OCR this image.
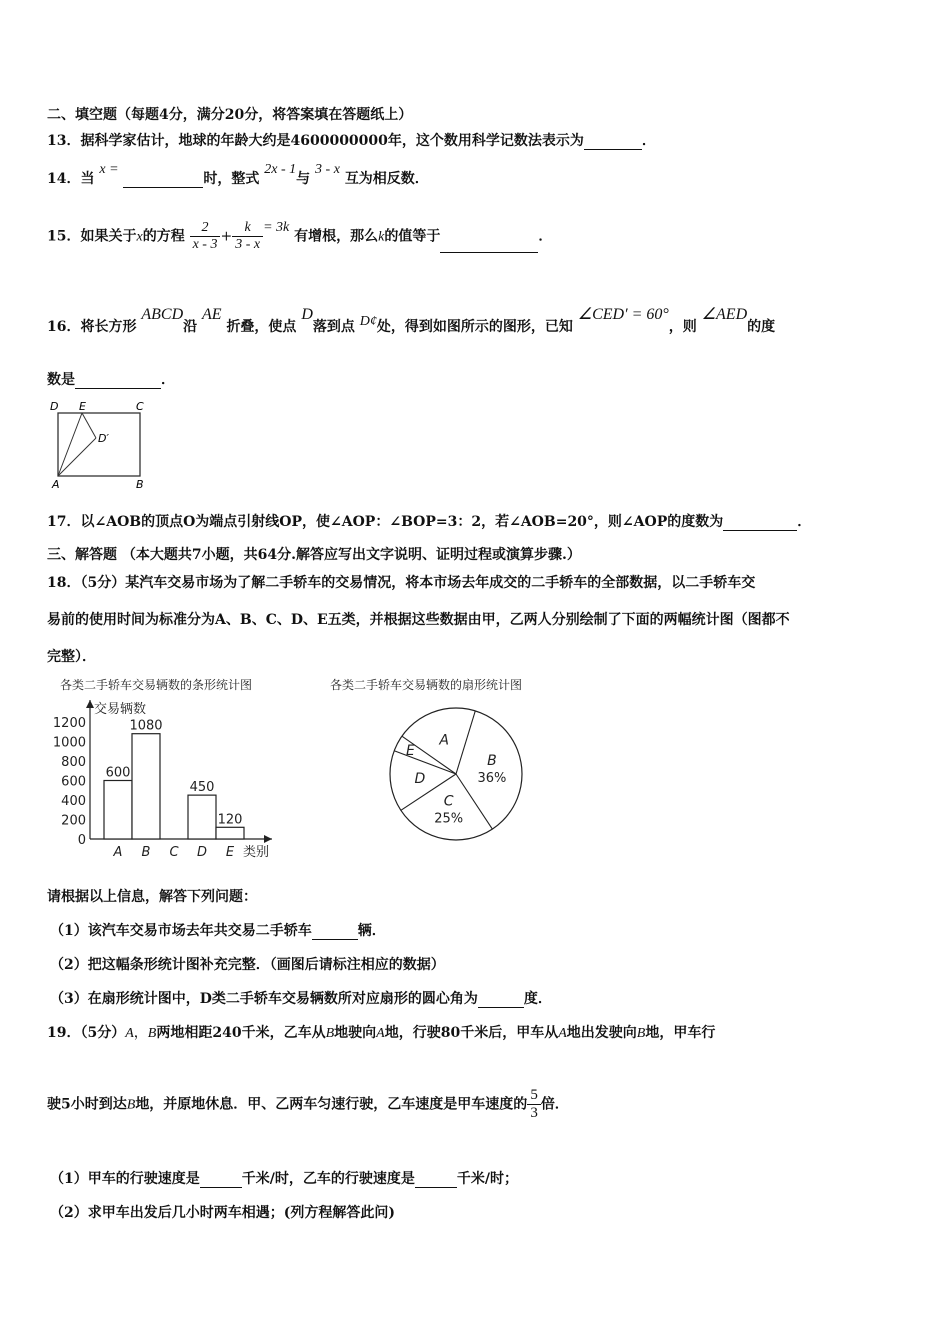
二、填空题（每题4分，满分20分，将答案填在答题纸上）
13．据科学家估计，地球的年龄大约是4600000000年，这个数用科学记数法表示为	．
14．当 x = 时，整式 2x - 1与 3 - x 互为相反数．
15．如果关于x的方程 $\frac{2}{x - 3} + \frac{k}{3 - x} = 3k$ 有增根，那么k的值等于	．
16．将长方形 ABCD沿 AE 折叠，使点 D落到点 D¢处，得到如图所示的图形，已知 ∠CED′ = 60°，则 ∠AED的度
数是	．
D E	C
D′
A	B
17．以∠AOB的顶点O为端点引射线OP，使∠AOP：∠BOP=3：2，若∠AOB=20°，则∠AOP的度数为	．
三、解答题 （本大题共7小题，共64分.解答应写出文字说明、证明过程或演算步骤.）
18．（5分）某汽车交易市场为了解二手轿车的交易情况，将本市场去年成交的二手轿车的全部数据，以二手轿车交
易前的使用时间为标准分为A、B、C、D、E五类，并根据这些数据由甲，乙两人分别绘制了下面的两幅统计图（图都不
完整）．
各类二手轿车交易辆数的条形统计图
交易辆数
类别
1200
1000
800
600
400
200
0
600
A
1080
B C
450
D
120
E
各类二手轿车交易辆数的扇形统计图
A
B
36%
C
25%
D
E
请根据以上信息，解答下列问题：
（1）该汽车交易市场去年共交易二手轿车	辆．
（2）把这幅条形统计图补充完整．（画图后请标注相应的数据）
（3）在扇形统计图中，D类二手轿车交易辆数所对应扇形的圆心角为	度．
19．（5分）A，B两地相距240千米，乙车从B地驶向A地，行驶80千米后，甲车从A地出发驶向B地，甲车行
驶5小时到达B地，并原地休息．甲、乙两车匀速行驶，乙车速度是甲车速度的 $\frac{5}{3}$ 倍．
（1）甲车的行驶速度是	千米/时，乙车的行驶速度是	千米/时；
（2）求甲车出发后几小时两车相遇；(列方程解答此问)
